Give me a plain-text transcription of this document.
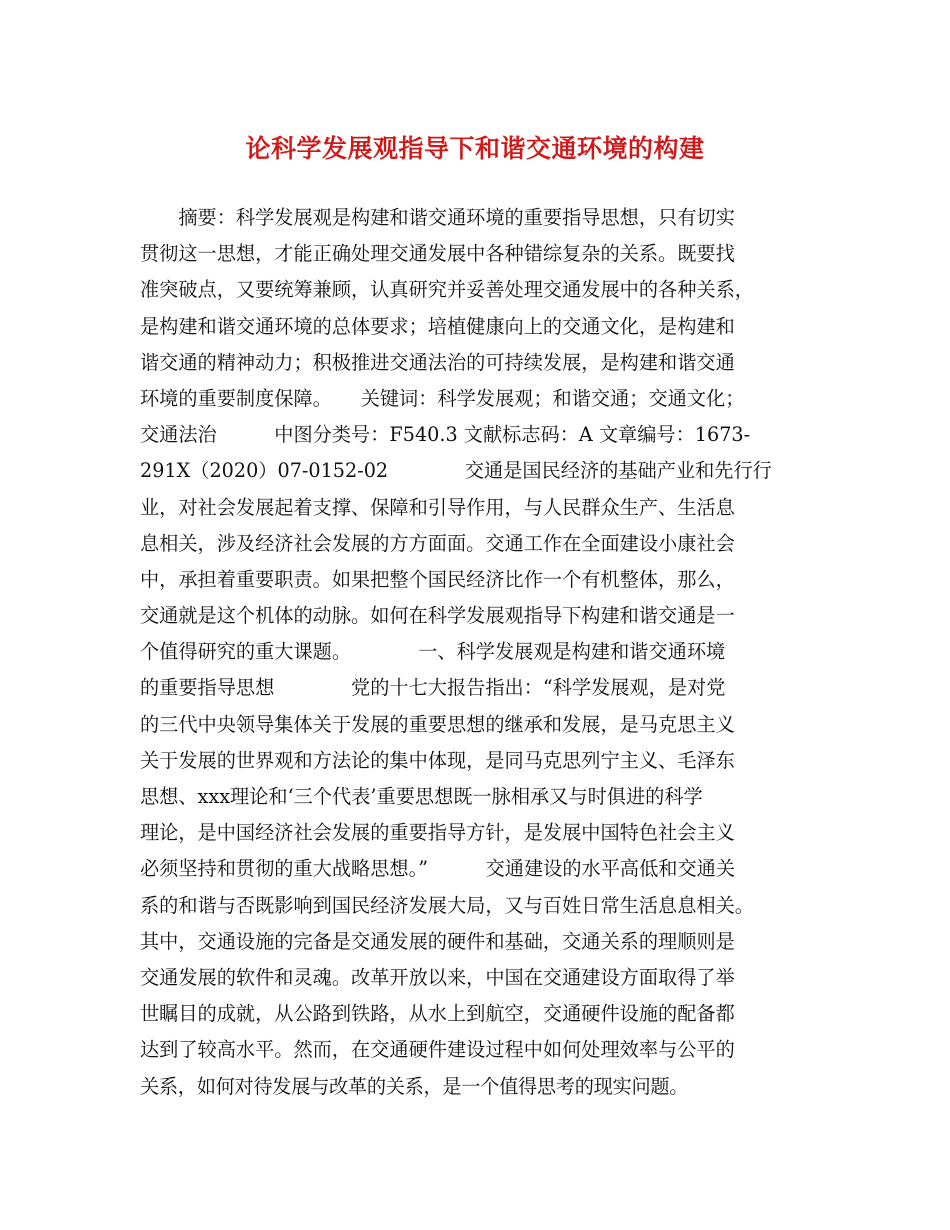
论科学发展观指导下和谐交通环境的构建
　　摘要：科学发展观是构建和谐交通环境的重要指导思想，只有切实
贯彻这一思想，才能正确处理交通发展中各种错综复杂的关系。既要找
准突破点，又要统筹兼顾，认真研究并妥善处理交通发展中的各种关系，
是构建和谐交通环境的总体要求；培植健康向上的交通文化，是构建和
谐交通的精神动力；积极推进交通法治的可持续发展，是构建和谐交通
环境的重要制度保障。　　关键词：科学发展观；和谐交通；交通文化；
交通法治　　　中图分类号：F540.3 文献标志码：A 文章编号：1673-
291X（2020）07-0152-02　　　　交通是国民经济的基础产业和先行行
业，对社会发展起着支撑、保障和引导作用，与人民群众生产、生活息
息相关，涉及经济社会发展的方方面面。交通工作在全面建设小康社会
中，承担着重要职责。如果把整个国民经济比作一个有机整体，那么，
交通就是这个机体的动脉。如何在科学发展观指导下构建和谐交通是一
个值得研究的重大课题。　　　　一、科学发展观是构建和谐交通环境
的重要指导思想　　　　党的十七大报告指出：“科学发展观，是对党
的三代中央领导集体关于发展的重要思想的继承和发展，是马克思主义
关于发展的世界观和方法论的集中体现，是同马克思列宁主义、毛泽东
思想、xxx理论和‘三个代表’重要思想既一脉相承又与时俱进的科学
理论，是中国经济社会发展的重要指导方针，是发展中国特色社会主义
必须坚持和贯彻的重大战略思想。”　　　交通建设的水平高低和交通关
系的和谐与否既影响到国民经济发展大局，又与百姓日常生活息息相关。
其中，交通设施的完备是交通发展的硬件和基础，交通关系的理顺则是
交通发展的软件和灵魂。改革开放以来，中国在交通建设方面取得了举
世瞩目的成就，从公路到铁路，从水上到航空，交通硬件设施的配备都
达到了较高水平。然而，在交通硬件建设过程中如何处理效率与公平的
关系，如何对待发展与改革的关系，是一个值得思考的现实问题。
